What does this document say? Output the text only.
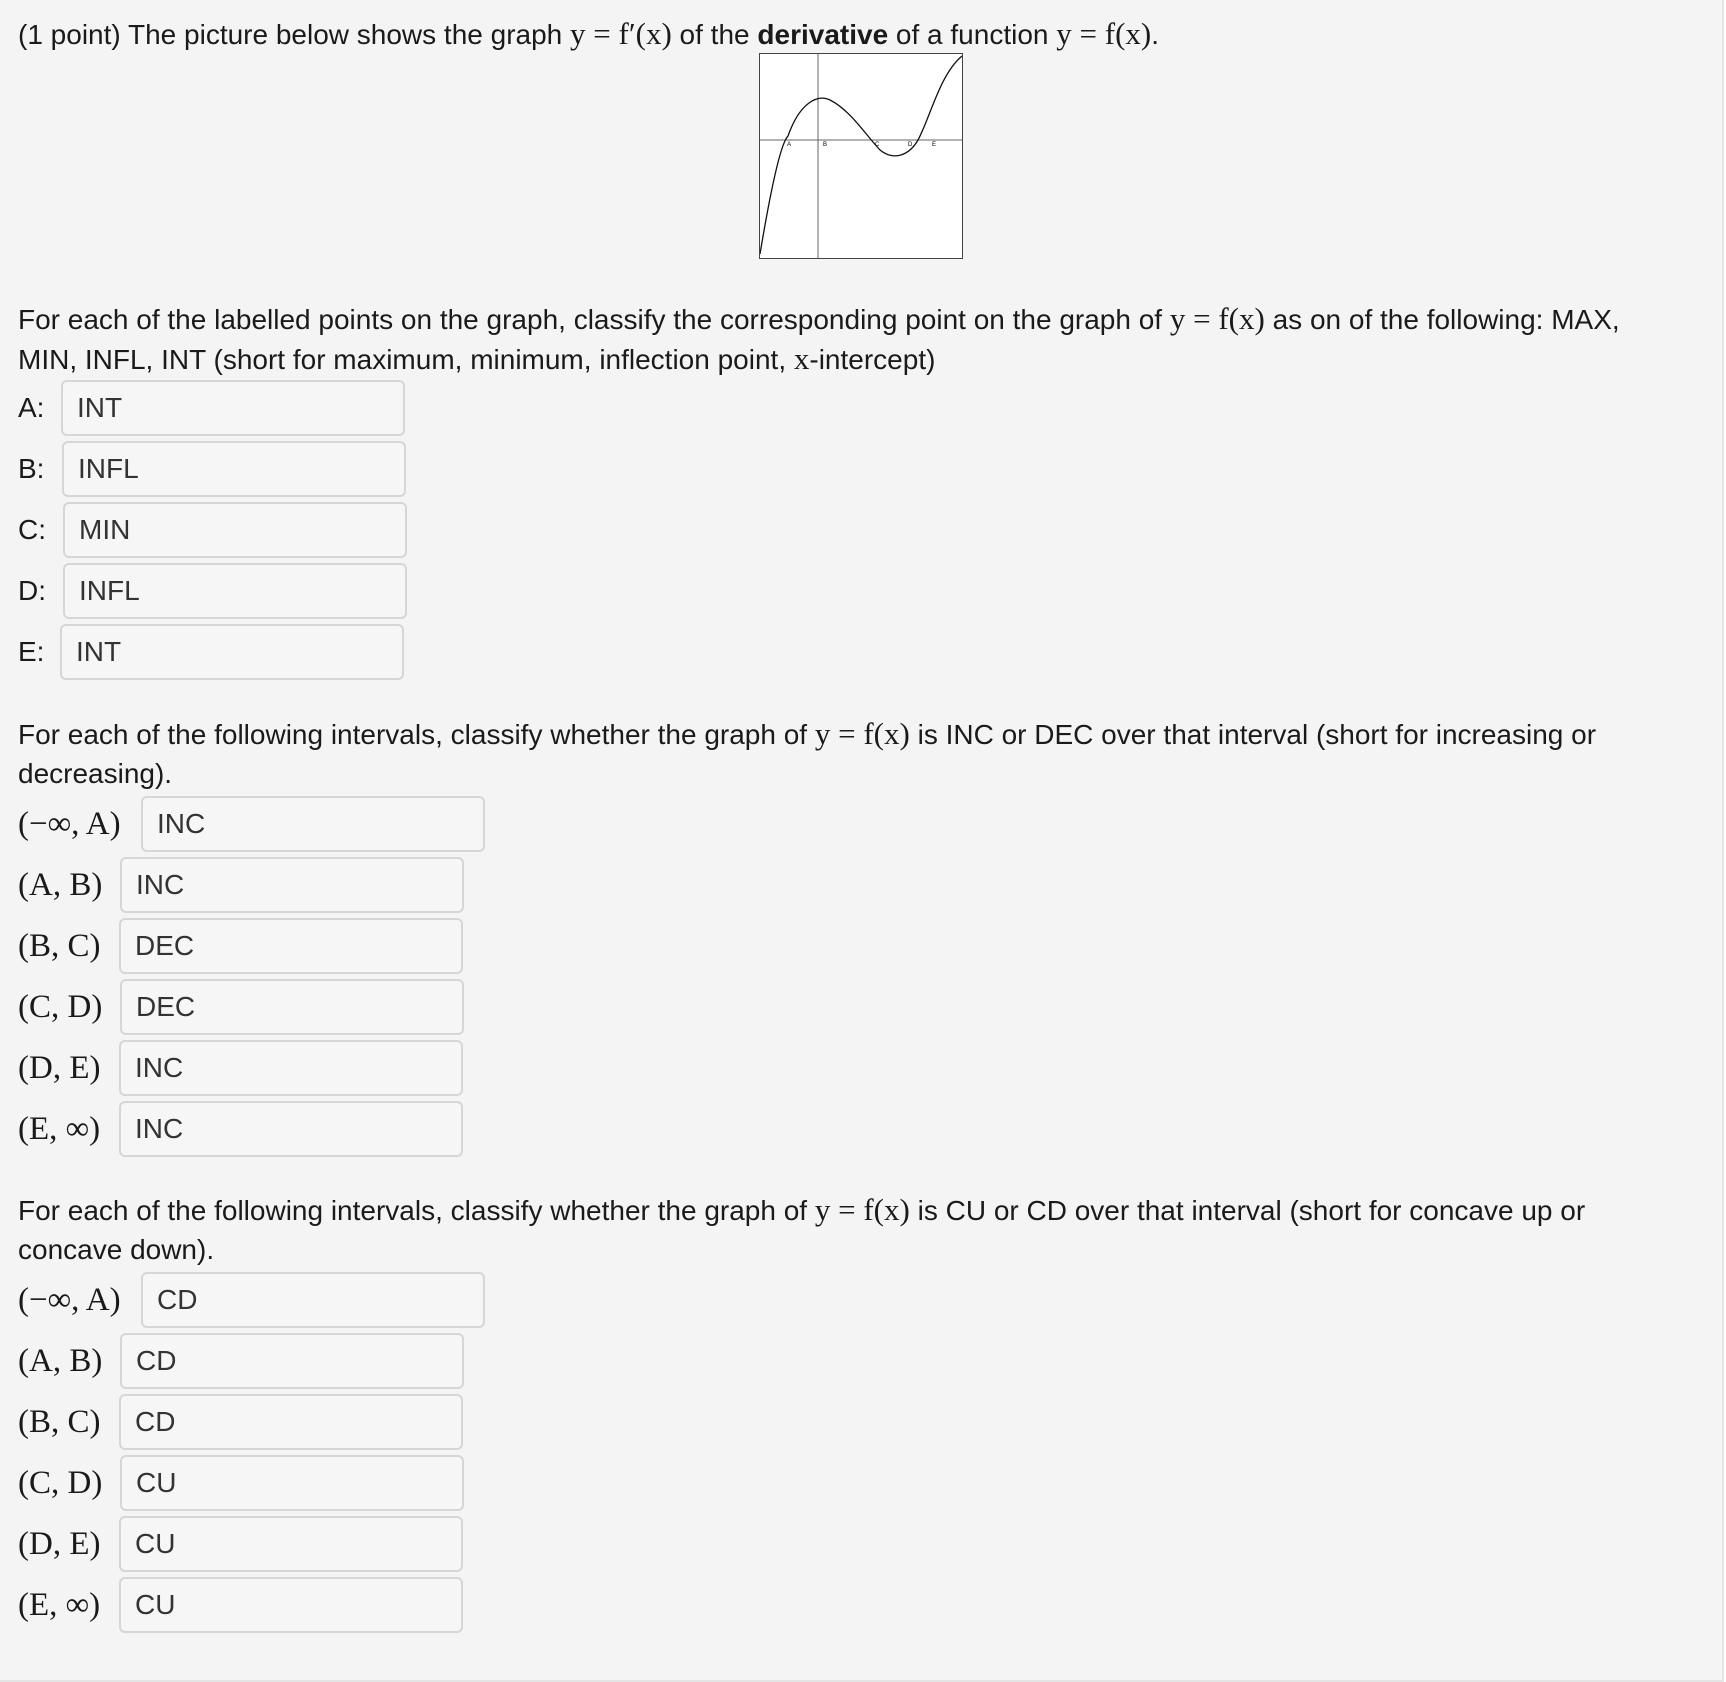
(1 point) The picture below shows the graph y = f′(x) of the derivative of a function y = f(x).
A	B	C	D	E
For each of the labelled points on the graph, classify the corresponding point on the graph of y = f(x) as on of the following: MAX,
MIN, INFL, INT (short for maximum, minimum, inflection point, x-intercept)
A:
INT
B:
INFL
C:
MIN
D:
INFL
E:
INT
For each of the following intervals, classify whether the graph of y = f(x) is INC or DEC over that interval (short for increasing or
decreasing).
(−∞, A)
INC
(A, B)
INC
(B, C)
DEC
(C, D)
DEC
(D, E)
INC
(E, ∞)
INC
For each of the following intervals, classify whether the graph of y = f(x) is CU or CD over that interval (short for concave up or
concave down).
(−∞, A)
CD
(A, B)
CD
(B, C)
CD
(C, D)
CU
(D, E)
CU
(E, ∞)
CU
